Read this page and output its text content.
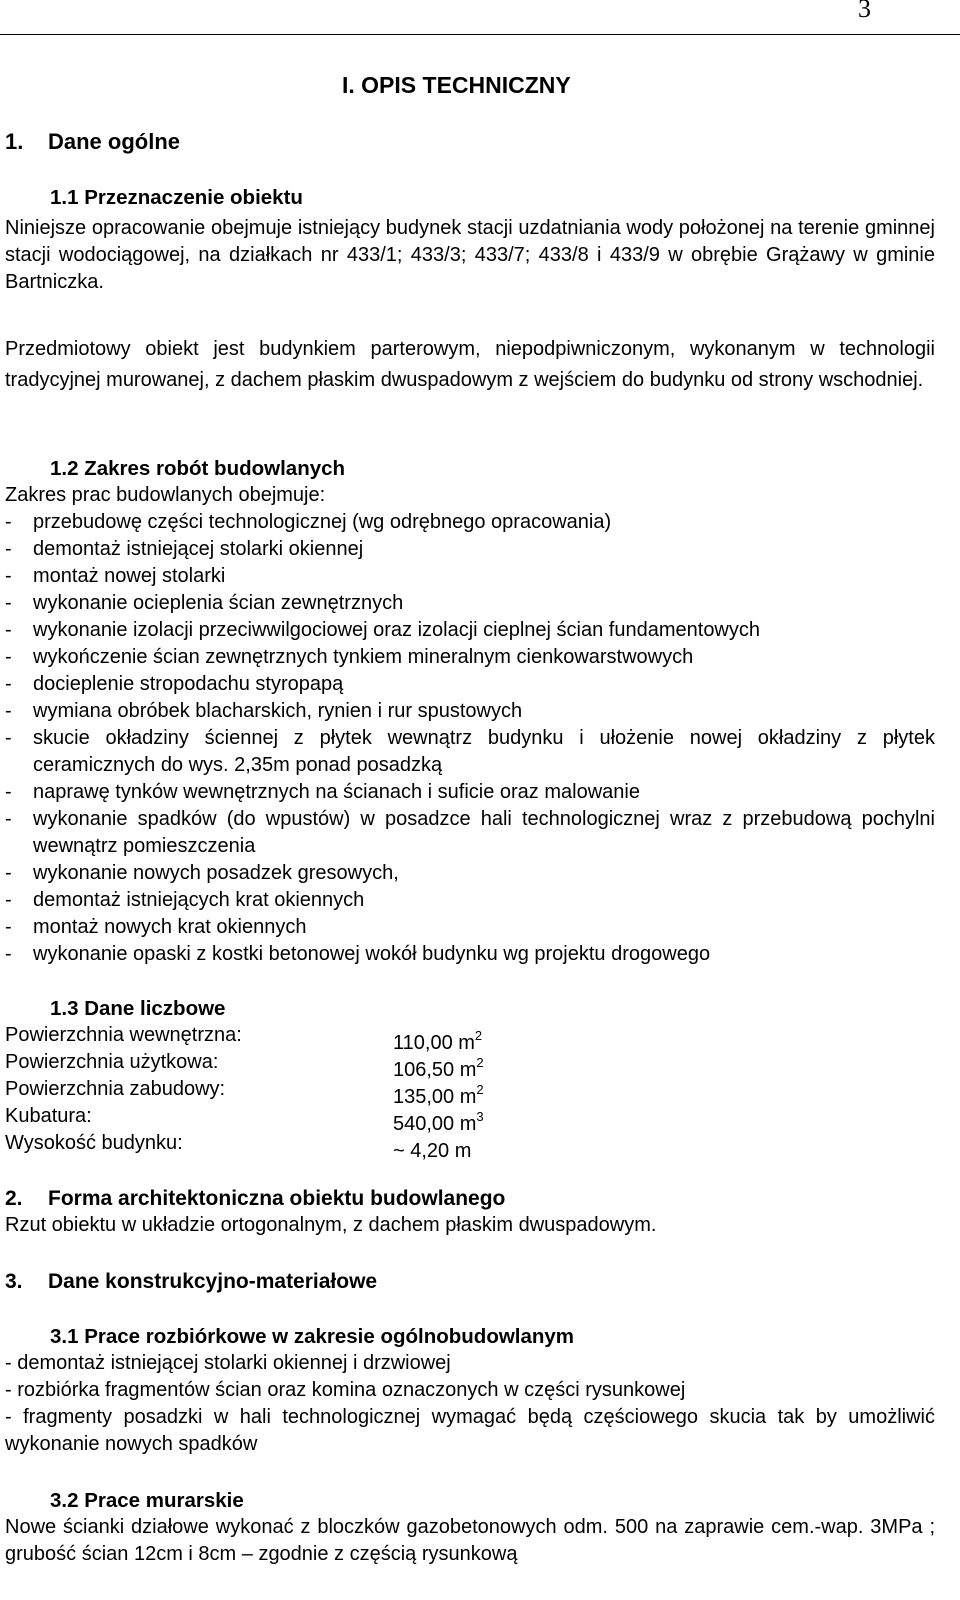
3
I. OPIS TECHNICZNY
1. Dane ogólne
1.1 Przeznaczenie obiektu

Niniejsze opracowanie obejmuje istniejący budynek stacji uzdatniania wody położonej na terenie gminnej stacji wodociągowej, na działkach nr 433/1; 433/3; 433/7; 433/8 i 433/9 w obrębie Grążawy w gminie Bartniczka.

Przedmiotowy obiekt jest budynkiem parterowym, niepodpiwniczonym, wykonanym w technologii tradycyjnej murowanej, z dachem płaskim dwuspadowym z wejściem do budynku od strony wschodniej.

1.2 Zakres robót budowlanych

Zakres prac budowlanych obejmuje:

- przebudowę części technologicznej (wg odrębnego opracowania)
- demontaż istniejącej stolarki okiennej
- montaż nowej stolarki
- wykonanie ocieplenia ścian zewnętrznych
- wykonanie izolacji przeciwwilgociowej oraz izolacji cieplnej ścian fundamentowych
- wykończenie ścian zewnętrznych tynkiem mineralnym cienkowarstwowych
- docieplenie stropodachu styropapą
- wymiana obróbek blacharskich, rynien i rur spustowych
- skucie okładziny ściennej z płytek wewnątrz budynku i ułożenie nowej okładziny z płytek ceramicznych do wys. 2,35m ponad posadzką
- naprawę tynków wewnętrznych na ścianach i suficie oraz malowanie
- wykonanie spadków (do wpustów) w posadzce hali technologicznej wraz z przebudową pochylni wewnątrz pomieszczenia
- wykonanie nowych posadzek gresowych,
- demontaż istniejących krat okiennych
- montaż nowych krat okiennych
- wykonanie opaski z kostki betonowej wokół budynku wg projektu drogowego
1.3 Dane liczbowe
Powierzchnia wewnętrzna:	110,00 $m^2$
Powierzchnia użytkowa:	106,50 $m^2$
Powierzchnia zabudowy:	135,00 $m^2$
Kubatura:	540,00 $m^3$
Wysokość budynku:	~ 4,20 m
2. Forma architektoniczna obiektu budowlanego

Rzut obiektu w układzie ortogonalnym, z dachem płaskim dwuspadowym.

3. Dane konstrukcyjno-materiałowe
3.1 Prace rozbiórkowe w zakresie ogólnobudowlanym
- demontaż istniejącej stolarki okiennej i drzwiowej
- rozbiórka fragmentów ścian oraz komina oznaczonych w części rysunkowej
- fragmenty posadzki w hali technologicznej wymagać będą częściowego skucia tak by umożliwić wykonanie nowych spadków
3.2 Prace murarskie

Nowe ścianki działowe wykonać z bloczków gazobetonowych odm. 500 na zaprawie cem.-wap. 3MPa ; grubość ścian 12cm i 8cm – zgodnie z częścią rysunkową
